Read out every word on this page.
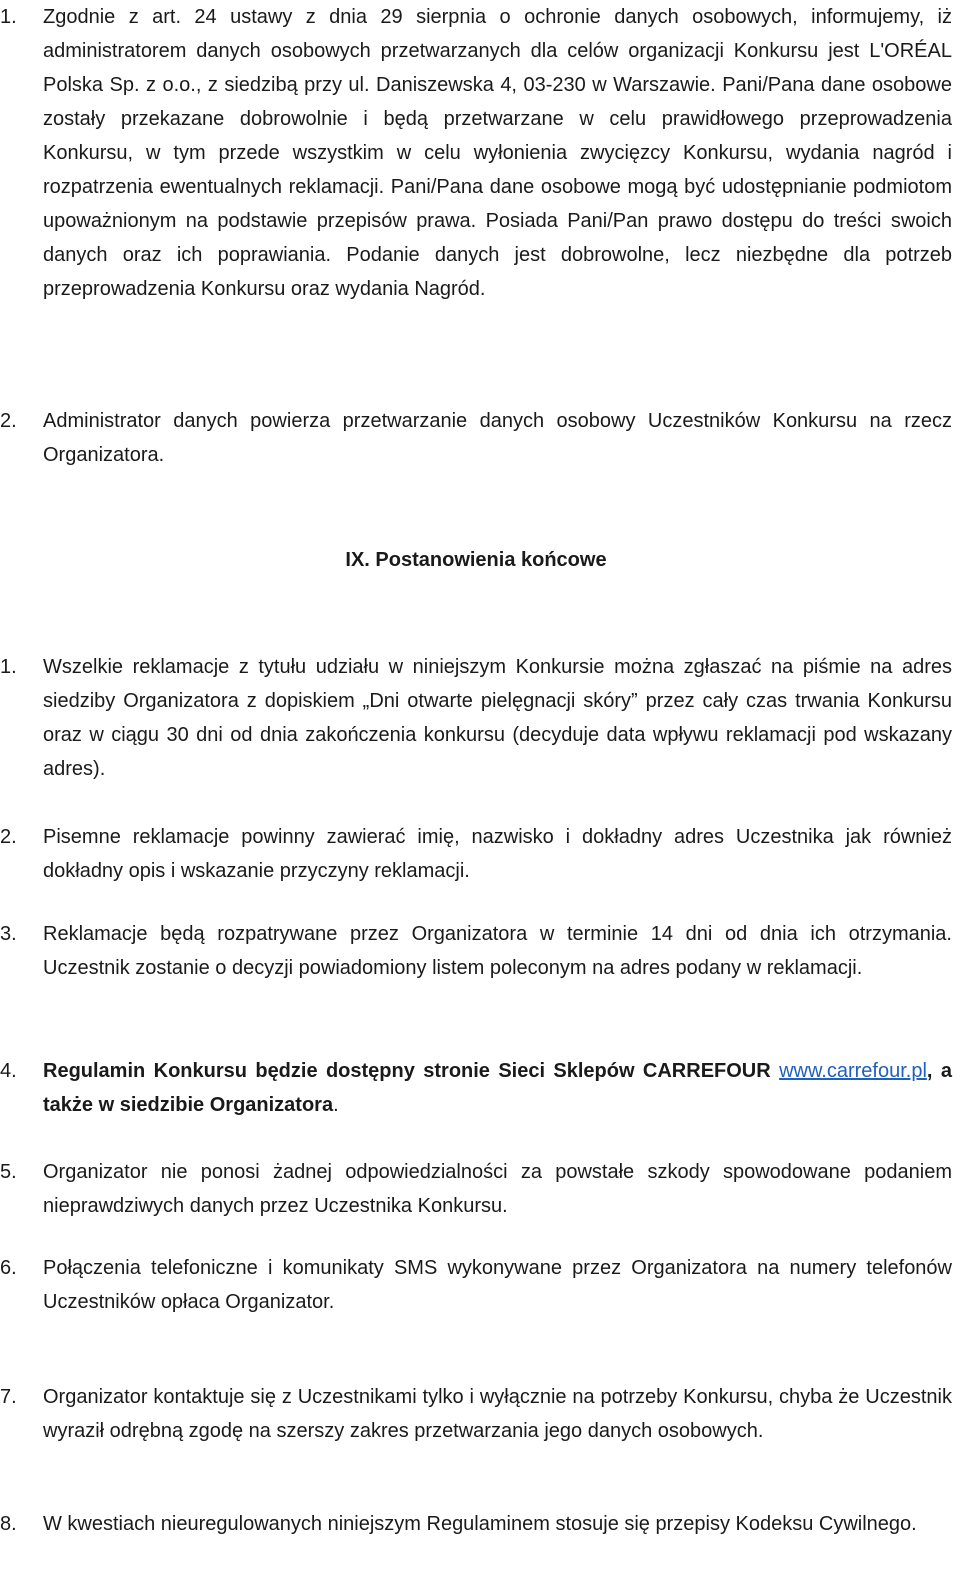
1.	Zgodnie z art. 24 ustawy z dnia 29 sierpnia o ochronie danych osobowych, informujemy, iż administratorem danych osobowych przetwarzanych dla celów organizacji Konkursu jest L'ORÉAL Polska Sp. z o.o., z siedzibą przy ul. Daniszewska 4, 03-230 w Warszawie. Pani/Pana dane osobowe zostały przekazane dobrowolnie i będą przetwarzane w celu prawidłowego przeprowadzenia Konkursu, w tym przede wszystkim w celu wyłonienia zwycięzcy Konkursu, wydania nagród i rozpatrzenia ewentualnych reklamacji. Pani/Pana dane osobowe mogą być udostępnianie podmiotom upoważnionym na podstawie przepisów prawa. Posiada Pani/Pan prawo dostępu do treści swoich danych oraz ich poprawiania. Podanie danych jest dobrowolne, lecz niezbędne dla potrzeb przeprowadzenia Konkursu oraz wydania Nagród.
2.	Administrator danych powierza przetwarzanie danych osobowy Uczestników Konkursu na rzecz Organizatora.
IX. Postanowienia końcowe
1.	Wszelkie reklamacje z tytułu udziału w niniejszym Konkursie można zgłaszać na piśmie na adres siedziby Organizatora z dopiskiem „Dni otwarte pielęgnacji skóry” przez cały czas trwania Konkursu oraz w ciągu 30 dni od dnia zakończenia konkursu (decyduje data wpływu reklamacji pod wskazany adres).
2.	Pisemne reklamacje powinny zawierać imię, nazwisko i dokładny adres Uczestnika jak również dokładny opis i wskazanie przyczyny reklamacji.
3.	Reklamacje będą rozpatrywane przez Organizatora w terminie 14 dni od dnia ich otrzymania. Uczestnik zostanie o decyzji powiadomiony listem poleconym na adres podany w reklamacji.
4.	Regulamin Konkursu będzie dostępny stronie Sieci Sklepów CARREFOUR www.carrefour.pl, a także w siedzibie Organizatora.
5.	Organizator nie ponosi żadnej odpowiedzialności za powstałe szkody spowodowane podaniem nieprawdziwych danych przez Uczestnika Konkursu.
6.	Połączenia telefoniczne i komunikaty SMS wykonywane przez Organizatora na numery telefonów Uczestników opłaca Organizator.
7.	Organizator kontaktuje się z Uczestnikami tylko i wyłącznie na potrzeby Konkursu, chyba że Uczestnik wyraził odrębną zgodę na szerszy zakres przetwarzania jego danych osobowych.
8.	W kwestiach nieuregulowanych niniejszym Regulaminem stosuje się przepisy Kodeksu Cywilnego.
